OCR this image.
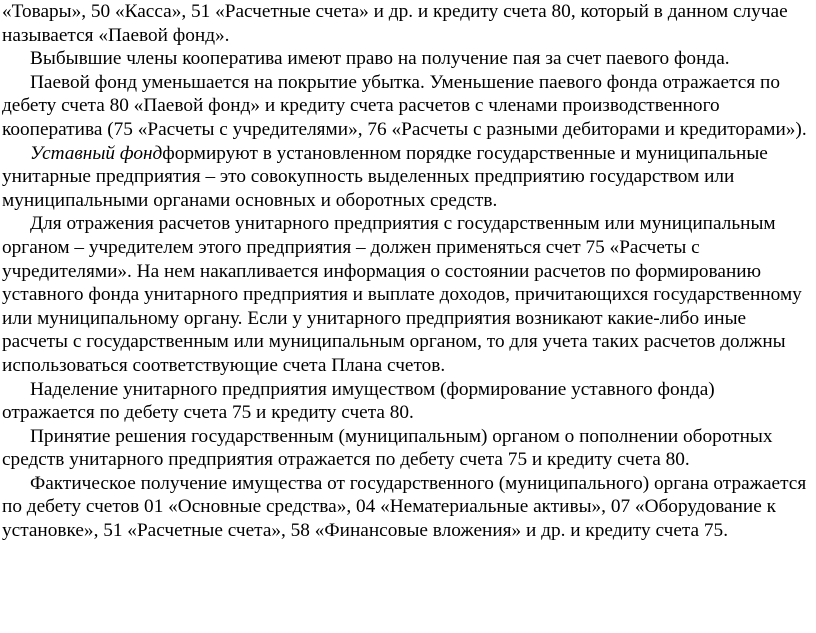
«Товары», 50 «Касса», 51 «Расчетные счета» и др. и кредиту счета 80, который в данном случае называется «Паевой фонд».

Выбывшие члены кооператива имеют право на получение пая за счет паевого фонда.

Паевой фонд уменьшается на покрытие убытка. Уменьшение паевого фонда отражается по дебету счета 80 «Паевой фонд» и кредиту счета расчетов с членами производственного кооператива (75 «Расчеты с учредителями», 76 «Расчеты с разными дебиторами и кредиторами»).

Уставный фондформируют в установленном порядке государственные и муниципальные унитарные предприятия – это совокупность выделенных предприятию государством или муниципальными органами основных и оборотных средств.

Для отражения расчетов унитарного предприятия с государственным или муниципальным органом – учредителем этого предприятия – должен применяться счет 75 «Расчеты с учредителями». На нем накапливается информация о состоянии расчетов по формированию уставного фонда унитарного предприятия и выплате доходов, причитающихся государственному или муниципальному органу. Если у унитарного предприятия возникают какие-либо иные расчеты с государственным или муниципальным органом, то для учета таких расчетов должны использоваться соответствующие счета Плана счетов.

Наделение унитарного предприятия имуществом (формирование уставного фонда) отражается по дебету счета 75 и кредиту счета 80.

Принятие решения государственным (муниципальным) органом о пополнении оборотных средств унитарного предприятия отражается по дебету счета 75 и кредиту счета 80.

Фактическое получение имущества от государственного (муниципального) органа отражается по дебету счетов 01 «Основные средства», 04 «Нематериальные активы», 07 «Оборудование к установке», 51 «Расчетные счета», 58 «Финансовые вложения» и др. и кредиту счета 75.
